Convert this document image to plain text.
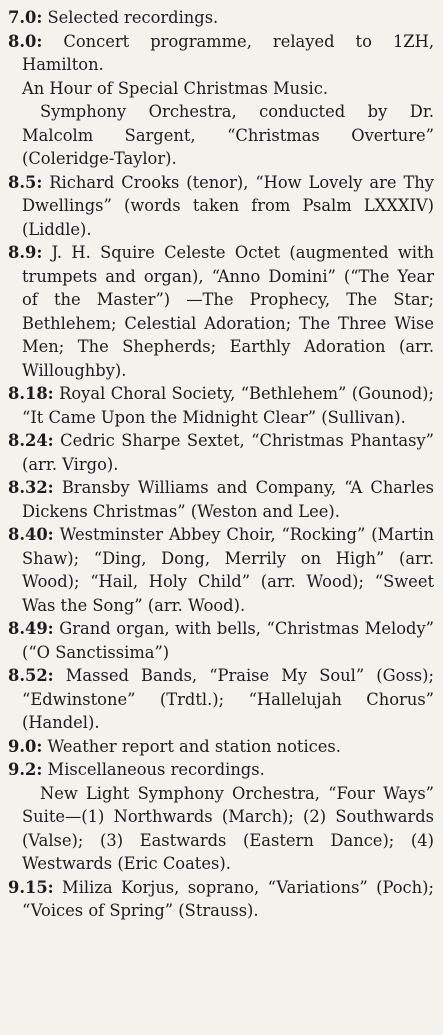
7.0: Selected recordings.

8.0: Concert programme, relayed to 1ZH, Hamilton.

An Hour of Special Christmas Music.

Symphony Orchestra, conducted by Dr. Malcolm Sargent, “Christmas Overture” (Coleridge-Taylor).

8.5: Richard Crooks (tenor), “How Lovely are Thy Dwellings” (words taken from Psalm LXXXIV) (Liddle).

8.9: J. H. Squire Celeste Octet (augmented with trumpets and organ), “Anno Domini” (“The Year of the Master”) —The Prophecy, The Star; Bethlehem; Celestial Adoration; The Three Wise Men; The Shepherds; Earthly Adoration (arr. Willoughby).

8.18: Royal Choral Society, “Bethlehem” (Gounod); “It Came Upon the Midnight Clear” (Sullivan).

8.24: Cedric Sharpe Sextet, “Christmas Phantasy” (arr. Virgo).

8.32: Bransby Williams and Company, “A Charles Dickens Christmas” (Weston and Lee).

8.40: Westminster Abbey Choir, “Rocking” (Martin Shaw); “Ding, Dong, Merrily on High” (arr. Wood); “Hail, Holy Child” (arr. Wood); “Sweet Was the Song” (arr. Wood).

8.49: Grand organ, with bells, “Christmas Melody” (“O Sanctissima”)

8.52: Massed Bands, “Praise My Soul” (Goss); “Edwinstone” (Trdtl.); “Hallelujah Chorus” (Handel).

9.0: Weather report and station notices.

9.2: Miscellaneous recordings.

New Light Symphony Orchestra, “Four Ways” Suite—(1) Northwards (March); (2) Southwards (Valse); (3) Eastwards (Eastern Dance); (4) Westwards (Eric Coates).

9.15: Miliza Korjus, soprano, “Variations” (Poch); “Voices of Spring” (Strauss).
